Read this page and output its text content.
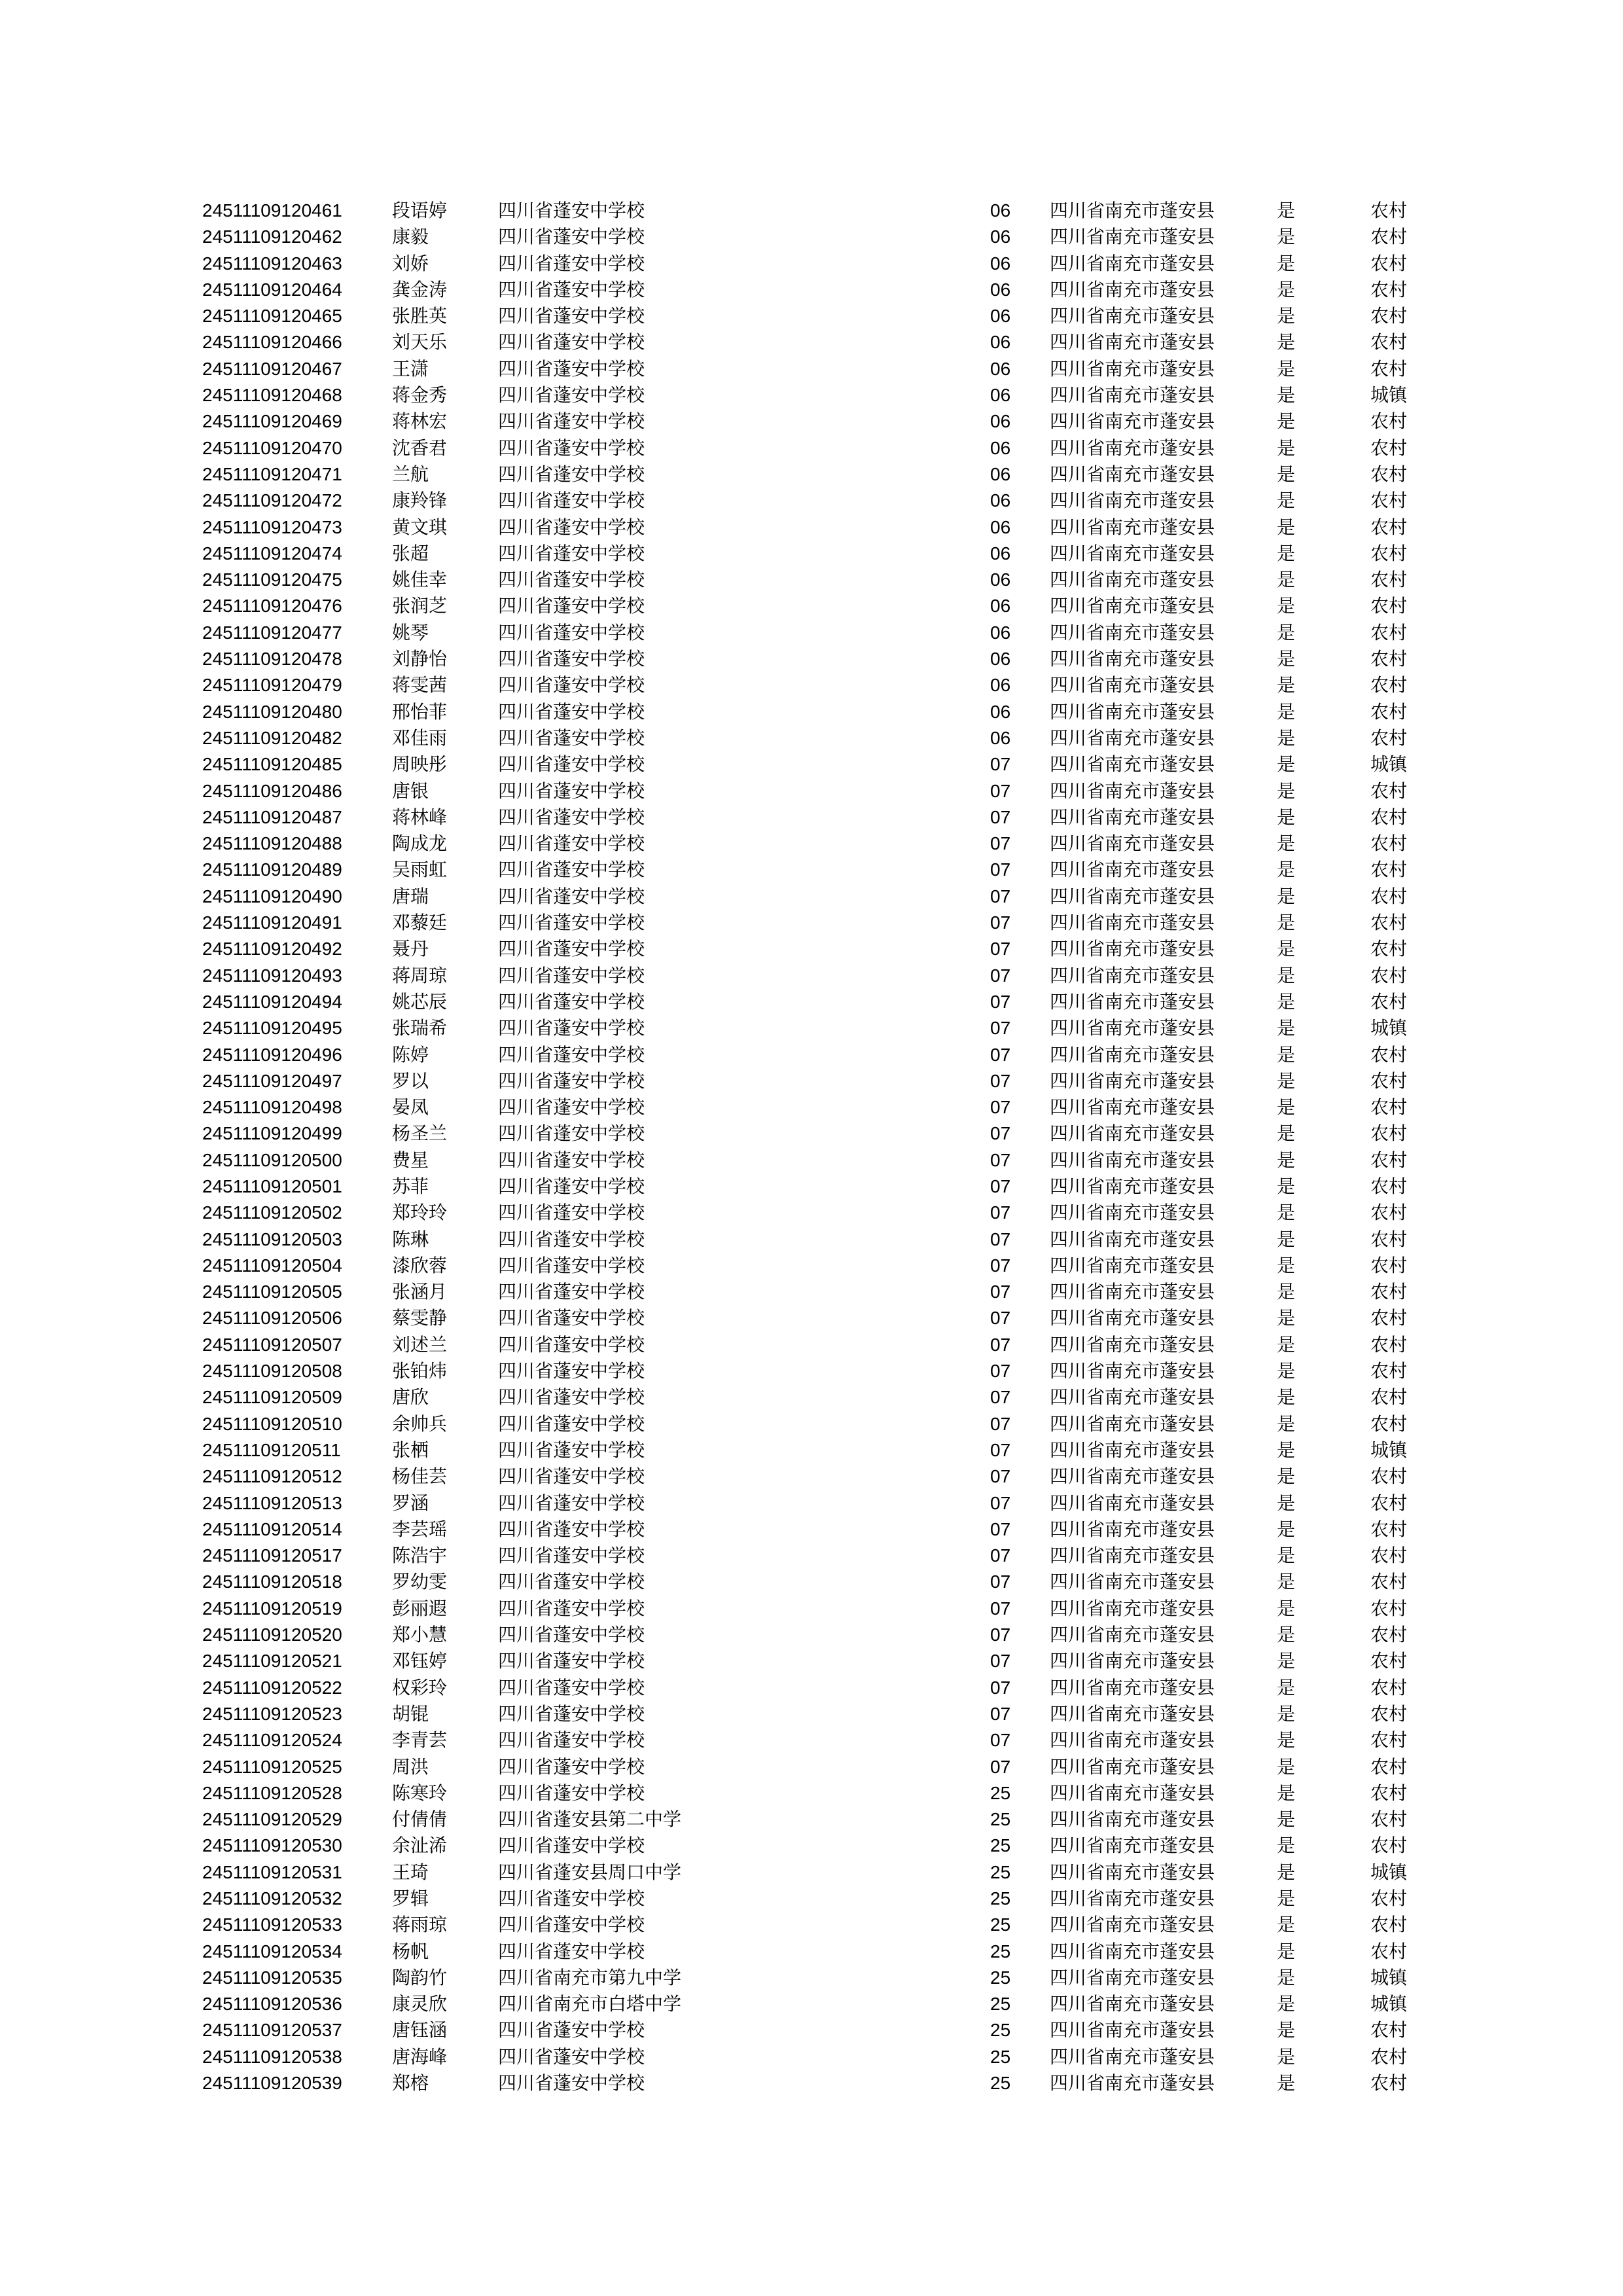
24511109120461	段语婷	四川省蓬安中学校	06 四川省南充市蓬安县	是	农村
24511109120462	康毅	四川省蓬安中学校	06 四川省南充市蓬安县	是	农村
24511109120463	刘娇	四川省蓬安中学校	06 四川省南充市蓬安县	是	农村
24511109120464	龚金涛	四川省蓬安中学校	06 四川省南充市蓬安县	是	农村
24511109120465	张胜英	四川省蓬安中学校	06 四川省南充市蓬安县	是	农村
24511109120466	刘天乐	四川省蓬安中学校	06 四川省南充市蓬安县	是	农村
24511109120467	王潇	四川省蓬安中学校	06 四川省南充市蓬安县	是	农村
24511109120468	蒋金秀	四川省蓬安中学校	06 四川省南充市蓬安县	是	城镇
24511109120469	蒋林宏	四川省蓬安中学校	06 四川省南充市蓬安县	是	农村
24511109120470	沈香君	四川省蓬安中学校	06 四川省南充市蓬安县	是	农村
24511109120471	兰航	四川省蓬安中学校	06 四川省南充市蓬安县	是	农村
24511109120472	康羚锋	四川省蓬安中学校	06 四川省南充市蓬安县	是	农村
24511109120473	黄文琪	四川省蓬安中学校	06 四川省南充市蓬安县	是	农村
24511109120474	张超	四川省蓬安中学校	06 四川省南充市蓬安县	是	农村
24511109120475	姚佳幸	四川省蓬安中学校	06 四川省南充市蓬安县	是	农村
24511109120476	张润芝	四川省蓬安中学校	06 四川省南充市蓬安县	是	农村
24511109120477	姚琴	四川省蓬安中学校	06 四川省南充市蓬安县	是	农村
24511109120478	刘静怡	四川省蓬安中学校	06 四川省南充市蓬安县	是	农村
24511109120479	蒋雯茜	四川省蓬安中学校	06 四川省南充市蓬安县	是	农村
24511109120480	邢怡菲	四川省蓬安中学校	06 四川省南充市蓬安县	是	农村
24511109120482	邓佳雨	四川省蓬安中学校	06 四川省南充市蓬安县	是	农村
24511109120485	周映彤	四川省蓬安中学校	07 四川省南充市蓬安县	是	城镇
24511109120486	唐银	四川省蓬安中学校	07 四川省南充市蓬安县	是	农村
24511109120487	蒋林峰	四川省蓬安中学校	07 四川省南充市蓬安县	是	农村
24511109120488	陶成龙	四川省蓬安中学校	07 四川省南充市蓬安县	是	农村
24511109120489	吴雨虹	四川省蓬安中学校	07 四川省南充市蓬安县	是	农村
24511109120490	唐瑞	四川省蓬安中学校	07 四川省南充市蓬安县	是	农村
24511109120491	邓藜廷	四川省蓬安中学校	07 四川省南充市蓬安县	是	农村
24511109120492	聂丹	四川省蓬安中学校	07 四川省南充市蓬安县	是	农村
24511109120493	蒋周琼	四川省蓬安中学校	07 四川省南充市蓬安县	是	农村
24511109120494	姚芯辰	四川省蓬安中学校	07 四川省南充市蓬安县	是	农村
24511109120495	张瑞希	四川省蓬安中学校	07 四川省南充市蓬安县	是	城镇
24511109120496	陈婷	四川省蓬安中学校	07 四川省南充市蓬安县	是	农村
24511109120497	罗以	四川省蓬安中学校	07 四川省南充市蓬安县	是	农村
24511109120498	晏凤	四川省蓬安中学校	07 四川省南充市蓬安县	是	农村
24511109120499	杨圣兰	四川省蓬安中学校	07 四川省南充市蓬安县	是	农村
24511109120500	费星	四川省蓬安中学校	07 四川省南充市蓬安县	是	农村
24511109120501	苏菲	四川省蓬安中学校	07 四川省南充市蓬安县	是	农村
24511109120502	郑玲玲	四川省蓬安中学校	07 四川省南充市蓬安县	是	农村
24511109120503	陈琳	四川省蓬安中学校	07 四川省南充市蓬安县	是	农村
24511109120504	漆欣蓉	四川省蓬安中学校	07 四川省南充市蓬安县	是	农村
24511109120505	张涵月	四川省蓬安中学校	07 四川省南充市蓬安县	是	农村
24511109120506	蔡雯静	四川省蓬安中学校	07 四川省南充市蓬安县	是	农村
24511109120507	刘述兰	四川省蓬安中学校	07 四川省南充市蓬安县	是	农村
24511109120508	张铂炜	四川省蓬安中学校	07 四川省南充市蓬安县	是	农村
24511109120509	唐欣	四川省蓬安中学校	07 四川省南充市蓬安县	是	农村
24511109120510	余帅兵	四川省蓬安中学校	07 四川省南充市蓬安县	是	农村
24511109120511	张栖	四川省蓬安中学校	07 四川省南充市蓬安县	是	城镇
24511109120512	杨佳芸	四川省蓬安中学校	07 四川省南充市蓬安县	是	农村
24511109120513	罗涵	四川省蓬安中学校	07 四川省南充市蓬安县	是	农村
24511109120514	李芸瑶	四川省蓬安中学校	07 四川省南充市蓬安县	是	农村
24511109120517	陈浩宇	四川省蓬安中学校	07 四川省南充市蓬安县	是	农村
24511109120518	罗幼雯	四川省蓬安中学校	07 四川省南充市蓬安县	是	农村
24511109120519	彭丽遐	四川省蓬安中学校	07 四川省南充市蓬安县	是	农村
24511109120520	郑小慧	四川省蓬安中学校	07 四川省南充市蓬安县	是	农村
24511109120521	邓钰婷	四川省蓬安中学校	07 四川省南充市蓬安县	是	农村
24511109120522	权彩玲	四川省蓬安中学校	07 四川省南充市蓬安县	是	农村
24511109120523	胡锟	四川省蓬安中学校	07 四川省南充市蓬安县	是	农村
24511109120524	李青芸	四川省蓬安中学校	07 四川省南充市蓬安县	是	农村
24511109120525	周洪	四川省蓬安中学校	07 四川省南充市蓬安县	是	农村
24511109120528	陈寒玲	四川省蓬安中学校	25 四川省南充市蓬安县	是	农村
24511109120529	付倩倩	四川省蓬安县第二中学	25 四川省南充市蓬安县	是	农村
24511109120530	余沚浠	四川省蓬安中学校	25 四川省南充市蓬安县	是	农村
24511109120531	王琦	四川省蓬安县周口中学	25 四川省南充市蓬安县	是	城镇
24511109120532	罗辑	四川省蓬安中学校	25 四川省南充市蓬安县	是	农村
24511109120533	蒋雨琼	四川省蓬安中学校	25 四川省南充市蓬安县	是	农村
24511109120534	杨帆	四川省蓬安中学校	25 四川省南充市蓬安县	是	农村
24511109120535	陶韵竹	四川省南充市第九中学	25 四川省南充市蓬安县	是	城镇
24511109120536	康灵欣	四川省南充市白塔中学	25 四川省南充市蓬安县	是	城镇
24511109120537	唐钰涵	四川省蓬安中学校	25 四川省南充市蓬安县	是	农村
24511109120538	唐海峰	四川省蓬安中学校	25 四川省南充市蓬安县	是	农村
24511109120539	郑榕	四川省蓬安中学校	25 四川省南充市蓬安县	是	农村
